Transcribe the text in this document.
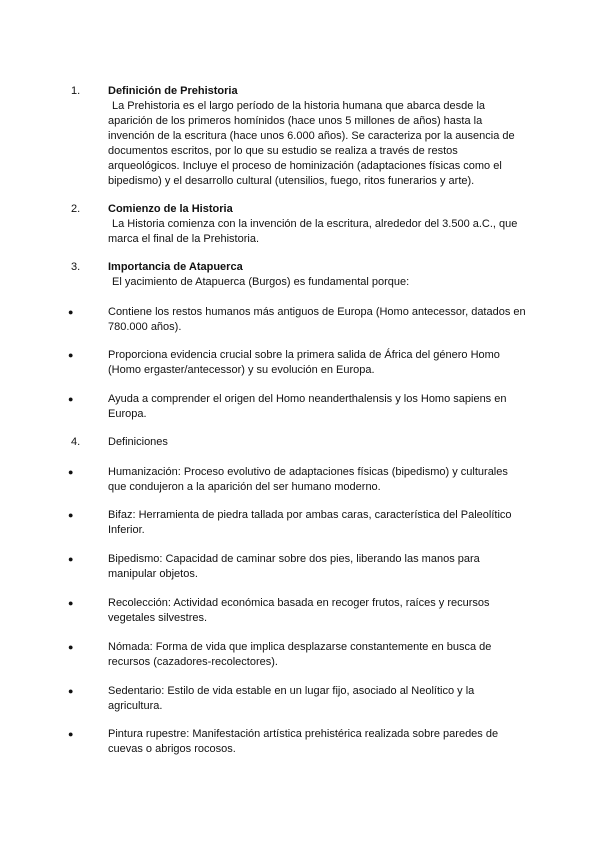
1.	Definición de Prehistoria
La Prehistoria es el largo período de la historia humana que abarca desde la aparición de los primeros homínidos (hace unos 5 millones de años) hasta la invención de la escritura (hace unos 6.000 años). Se caracteriza por la ausencia de documentos escritos, por lo que su estudio se realiza a través de restos arqueológicos. Incluye el proceso de hominización (adaptaciones físicas como el bipedismo) y el desarrollo cultural (utensilios, fuego, ritos funerarios y arte).
2.	Comienzo de la Historia
La Historia comienza con la invención de la escritura, alrededor del 3.500 a.C., que marca el final de la Prehistoria.
3.	Importancia de Atapuerca
El yacimiento de Atapuerca (Burgos) es fundamental porque:
●	Contiene los restos humanos más antiguos de Europa (Homo antecessor, datados en 780.000 años).
●	Proporciona evidencia crucial sobre la primera salida de África del género Homo (Homo ergaster/antecessor) y su evolución en Europa.
●	Ayuda a comprender el origen del Homo neanderthalensis y los Homo sapiens en Europa.
4.	Definiciones
●	Humanización: Proceso evolutivo de adaptaciones físicas (bipedismo) y culturales que condujeron a la aparición del ser humano moderno.
●	Bifaz: Herramienta de piedra tallada por ambas caras, característica del Paleolítico Inferior.
●	Bipedismo: Capacidad de caminar sobre dos pies, liberando las manos para manipular objetos.
●	Recolección: Actividad económica basada en recoger frutos, raíces y recursos vegetales silvestres.
●	Nómada: Forma de vida que implica desplazarse constantemente en busca de recursos (cazadores-recolectores).
●	Sedentario: Estilo de vida estable en un lugar fijo, asociado al Neolítico y la agricultura.
●	Pintura rupestre: Manifestación artística prehistérica realizada sobre paredes de cuevas o abrigos rocosos.
